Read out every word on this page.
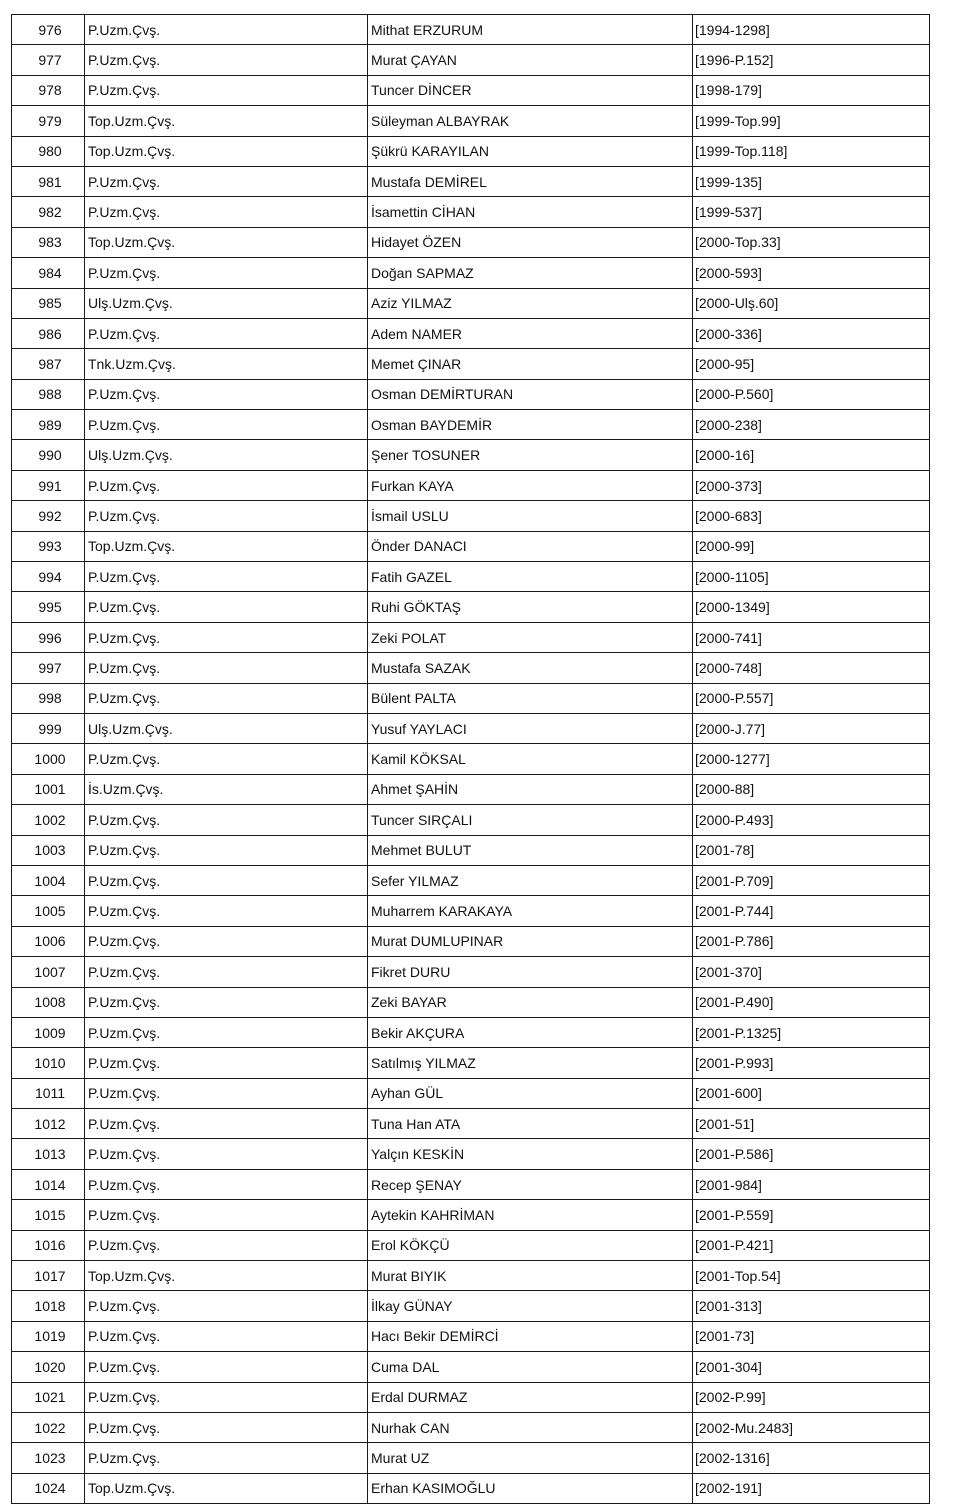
976	P.Uzm.Çvş.	Mithat ERZURUM	[1994-1298]
977	P.Uzm.Çvş.	Murat ÇAYAN	[1996-P.152]
978	P.Uzm.Çvş.	Tuncer DİNCER	[1998-179]
979	Top.Uzm.Çvş.	Süleyman ALBAYRAK	[1999-Top.99]
980	Top.Uzm.Çvş.	Şükrü KARAYILAN	[1999-Top.118]
981	P.Uzm.Çvş.	Mustafa DEMİREL	[1999-135]
982	P.Uzm.Çvş.	İsamettin CİHAN	[1999-537]
983	Top.Uzm.Çvş.	Hidayet ÖZEN	[2000-Top.33]
984	P.Uzm.Çvş.	Doğan SAPMAZ	[2000-593]
985	Ulş.Uzm.Çvş.	Aziz YILMAZ	[2000-Ulş.60]
986	P.Uzm.Çvş.	Adem NAMER	[2000-336]
987	Tnk.Uzm.Çvş.	Memet ÇINAR	[2000-95]
988	P.Uzm.Çvş.	Osman DEMİRTURAN	[2000-P.560]
989	P.Uzm.Çvş.	Osman BAYDEMİR	[2000-238]
990	Ulş.Uzm.Çvş.	Şener TOSUNER	[2000-16]
991	P.Uzm.Çvş.	Furkan KAYA	[2000-373]
992	P.Uzm.Çvş.	İsmail USLU	[2000-683]
993	Top.Uzm.Çvş.	Önder DANACI	[2000-99]
994	P.Uzm.Çvş.	Fatih GAZEL	[2000-1105]
995	P.Uzm.Çvş.	Ruhi GÖKTAŞ	[2000-1349]
996	P.Uzm.Çvş.	Zeki POLAT	[2000-741]
997	P.Uzm.Çvş.	Mustafa SAZAK	[2000-748]
998	P.Uzm.Çvş.	Bülent PALTA	[2000-P.557]
999	Ulş.Uzm.Çvş.	Yusuf YAYLACI	[2000-J.77]
1000	P.Uzm.Çvş.	Kamil KÖKSAL	[2000-1277]
1001	İs.Uzm.Çvş.	Ahmet ŞAHİN	[2000-88]
1002	P.Uzm.Çvş.	Tuncer SIRÇALI	[2000-P.493]
1003	P.Uzm.Çvş.	Mehmet BULUT	[2001-78]
1004	P.Uzm.Çvş.	Sefer YILMAZ	[2001-P.709]
1005	P.Uzm.Çvş.	Muharrem KARAKAYA	[2001-P.744]
1006	P.Uzm.Çvş.	Murat DUMLUPINAR	[2001-P.786]
1007	P.Uzm.Çvş.	Fikret DURU	[2001-370]
1008	P.Uzm.Çvş.	Zeki BAYAR	[2001-P.490]
1009	P.Uzm.Çvş.	Bekir AKÇURA	[2001-P.1325]
1010	P.Uzm.Çvş.	Satılmış YILMAZ	[2001-P.993]
1011	P.Uzm.Çvş.	Ayhan GÜL	[2001-600]
1012	P.Uzm.Çvş.	Tuna Han ATA	[2001-51]
1013	P.Uzm.Çvş.	Yalçın KESKİN	[2001-P.586]
1014	P.Uzm.Çvş.	Recep ŞENAY	[2001-984]
1015	P.Uzm.Çvş.	Aytekin KAHRİMAN	[2001-P.559]
1016	P.Uzm.Çvş.	Erol KÖKÇÜ	[2001-P.421]
1017	Top.Uzm.Çvş.	Murat BIYIK	[2001-Top.54]
1018	P.Uzm.Çvş.	İlkay GÜNAY	[2001-313]
1019	P.Uzm.Çvş.	Hacı Bekir DEMİRCİ	[2001-73]
1020	P.Uzm.Çvş.	Cuma DAL	[2001-304]
1021	P.Uzm.Çvş.	Erdal DURMAZ	[2002-P.99]
1022	P.Uzm.Çvş.	Nurhak CAN	[2002-Mu.2483]
1023	P.Uzm.Çvş.	Murat UZ	[2002-1316]
1024	Top.Uzm.Çvş.	Erhan KASIMOĞLU	[2002-191]
